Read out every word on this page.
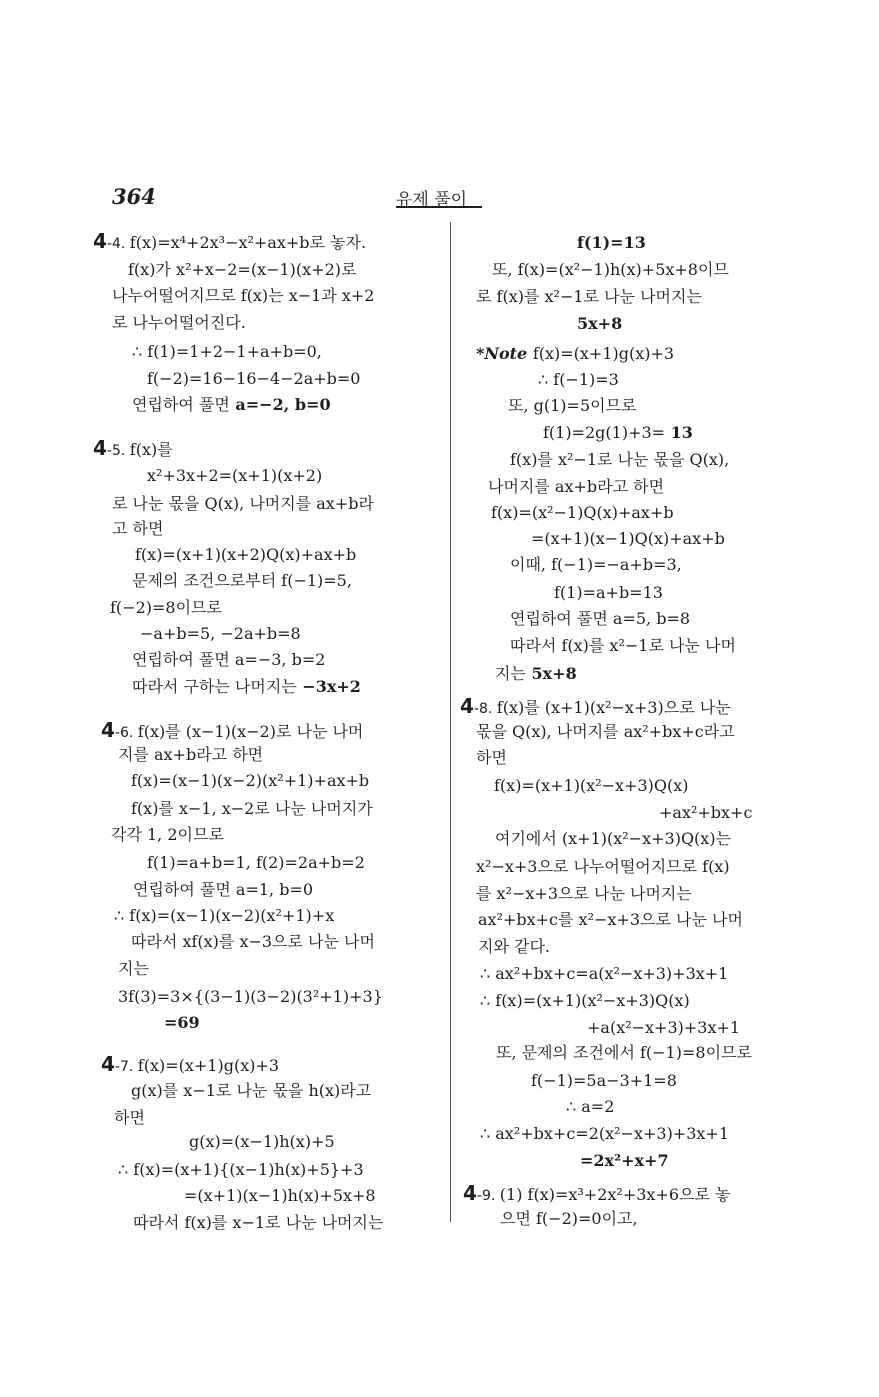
364	유제 풀이
4-4. f(x)=x⁴+2x³−x²+ax+b로 놓자.
f(x)가 x²+x−2=(x−1)(x+2)로
나누어떨어지므로 f(x)는 x−1과 x+2
로 나누어떨어진다.
∴ f(1)=1+2−1+a+b=0,
f(−2)=16−16−4−2a+b=0
연립하여 풀면 a=−2, b=0
4-5. f(x)를
x²+3x+2=(x+1)(x+2)
로 나눈 몫을 Q(x), 나머지를 ax+b라
고 하면
f(x)=(x+1)(x+2)Q(x)+ax+b
문제의 조건으로부터 f(−1)=5,
f(−2)=8이므로
−a+b=5, −2a+b=8
연립하여 풀면 a=−3, b=2
따라서 구하는 나머지는 −3x+2
4-6. f(x)를 (x−1)(x−2)로 나눈 나머
지를 ax+b라고 하면
f(x)=(x−1)(x−2)(x²+1)+ax+b
f(x)를 x−1, x−2로 나눈 나머지가
각각 1, 2이므로
f(1)=a+b=1, f(2)=2a+b=2
연립하여 풀면 a=1, b=0
∴ f(x)=(x−1)(x−2)(x²+1)+x
따라서 xf(x)를 x−3으로 나눈 나머
지는
3f(3)=3×{(3−1)(3−2)(3²+1)+3}
=69
4-7. f(x)=(x+1)g(x)+3
g(x)를 x−1로 나눈 몫을 h(x)라고
하면
g(x)=(x−1)h(x)+5
∴ f(x)=(x+1){(x−1)h(x)+5}+3
=(x+1)(x−1)h(x)+5x+8
따라서 f(x)를 x−1로 나눈 나머지는
f(1)=13
또, f(x)=(x²−1)h(x)+5x+8이므
로 f(x)를 x²−1로 나눈 나머지는
5x+8
*Note f(x)=(x+1)g(x)+3
∴ f(−1)=3
또, g(1)=5이므로
f(1)=2g(1)+3= 13
f(x)를 x²−1로 나눈 몫을 Q(x),
나머지를 ax+b라고 하면
f(x)=(x²−1)Q(x)+ax+b
=(x+1)(x−1)Q(x)+ax+b
이때, f(−1)=−a+b=3,
f(1)=a+b=13
연립하여 풀면 a=5, b=8
따라서 f(x)를 x²−1로 나눈 나머
지는 5x+8
4-8. f(x)를 (x+1)(x²−x+3)으로 나눈
몫을 Q(x), 나머지를 ax²+bx+c라고
하면
f(x)=(x+1)(x²−x+3)Q(x)
+ax²+bx+c
여기에서 (x+1)(x²−x+3)Q(x)는
x²−x+3으로 나누어떨어지므로 f(x)
를 x²−x+3으로 나눈 나머지는
ax²+bx+c를 x²−x+3으로 나눈 나머
지와 같다.
∴ ax²+bx+c=a(x²−x+3)+3x+1
∴ f(x)=(x+1)(x²−x+3)Q(x)
+a(x²−x+3)+3x+1
또, 문제의 조건에서 f(−1)=8이므로
f(−1)=5a−3+1=8
∴ a=2
∴ ax²+bx+c=2(x²−x+3)+3x+1
=2x²+x+7
4-9. (1) f(x)=x³+2x²+3x+6으로 놓
으면 f(−2)=0이고,
